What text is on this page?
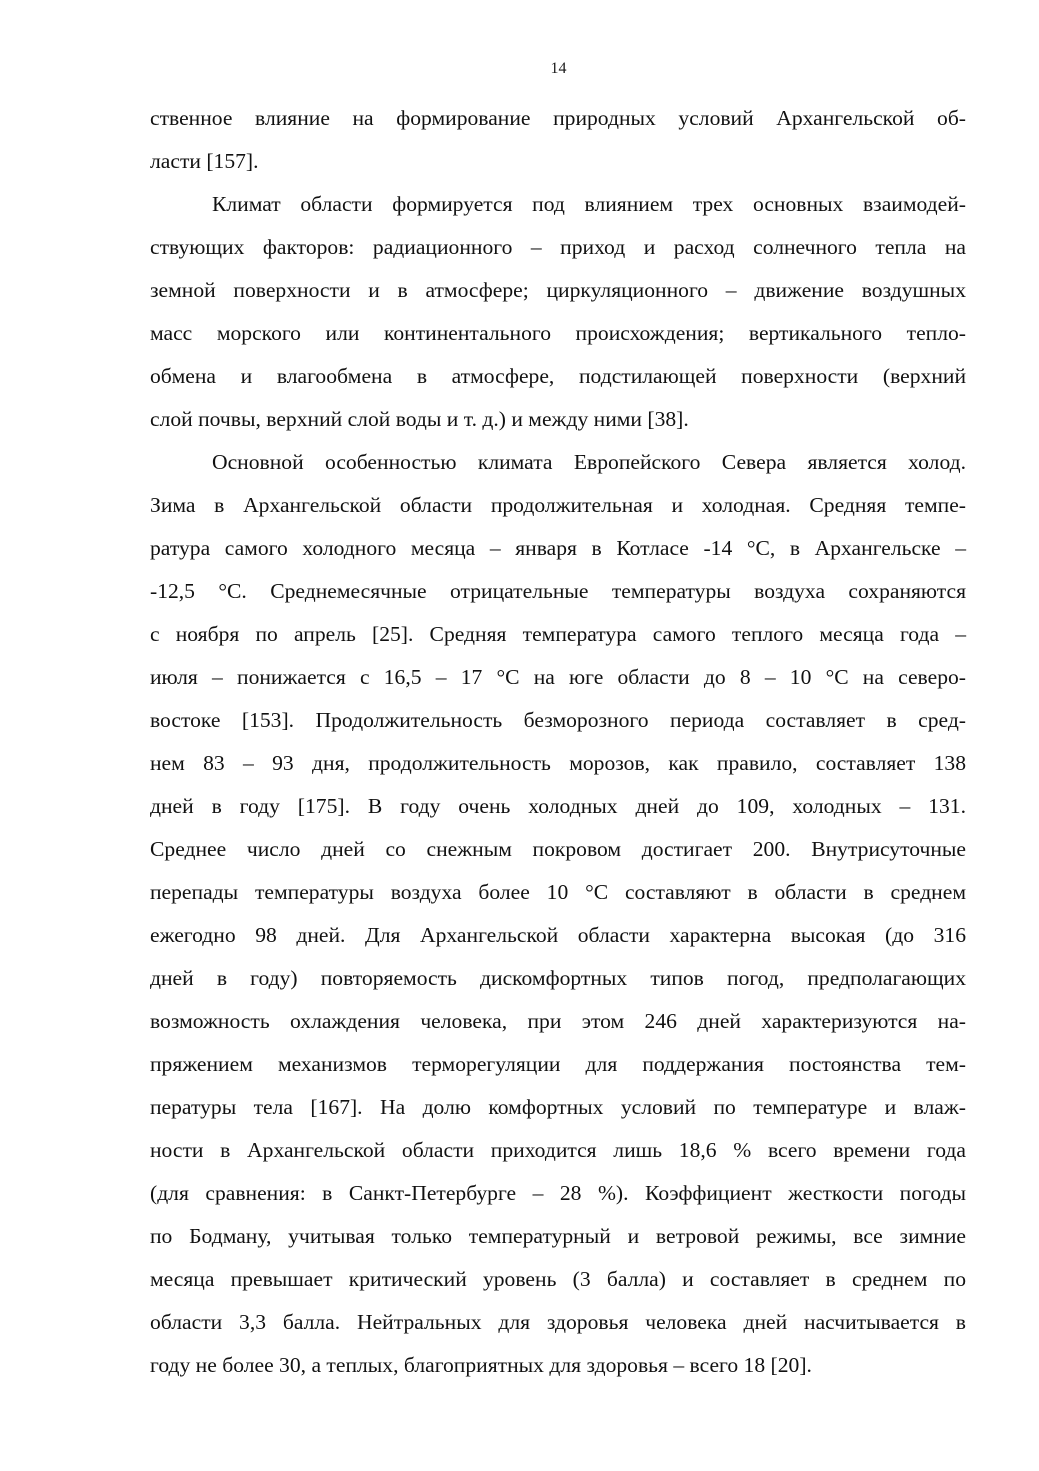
14
ственное влияние на формирование природных условий Архангельской об-
ласти [157].
Климат области формируется под влиянием трех основных взаимодей-
ствующих факторов: радиационного – приход и расход солнечного тепла на
земной поверхности и в атмосфере; циркуляционного – движение воздушных
масс морского или континентального происхождения; вертикального тепло-
обмена и влагообмена в атмосфере, подстилающей поверхности (верхний
слой почвы, верхний слой воды и т. д.) и между ними [38].
Основной особенностью климата Европейского Севера является холод.
Зима в Архангельской области продолжительная и холодная. Средняя темпе-
ратура самого холодного месяца – января в Котласе -14 °С, в Архангельске –
-12,5 °С. Среднемесячные отрицательные температуры воздуха сохраняются
с ноября по апрель [25]. Средняя температура самого теплого месяца года –
июля – понижается с 16,5 – 17 °С на юге области до 8 – 10 °С на северо-
востоке [153]. Продолжительность безморозного периода составляет в сред-
нем 83 – 93 дня, продолжительность морозов, как правило, составляет 138
дней в году [175]. В году очень холодных дней до 109, холодных – 131.
Среднее число дней со снежным покровом достигает 200. Внутрисуточные
перепады температуры воздуха более 10 °С составляют в области в среднем
ежегодно 98 дней. Для Архангельской области характерна высокая (до 316
дней в году) повторяемость дискомфортных типов погод, предполагающих
возможность охлаждения человека, при этом 246 дней характеризуются на-
пряжением механизмов терморегуляции для поддержания постоянства тем-
пературы тела [167]. На долю комфортных условий по температуре и влаж-
ности в Архангельской области приходится лишь 18,6 % всего времени года
(для сравнения: в Санкт-Петербурге – 28 %). Коэффициент жесткости погоды
по Бодману, учитывая только температурный и ветровой режимы, все зимние
месяца превышает критический уровень (3 балла) и составляет в среднем по
области 3,3 балла. Нейтральных для здоровья человека дней насчитывается в
году не более 30, а теплых, благоприятных для здоровья – всего 18 [20].
